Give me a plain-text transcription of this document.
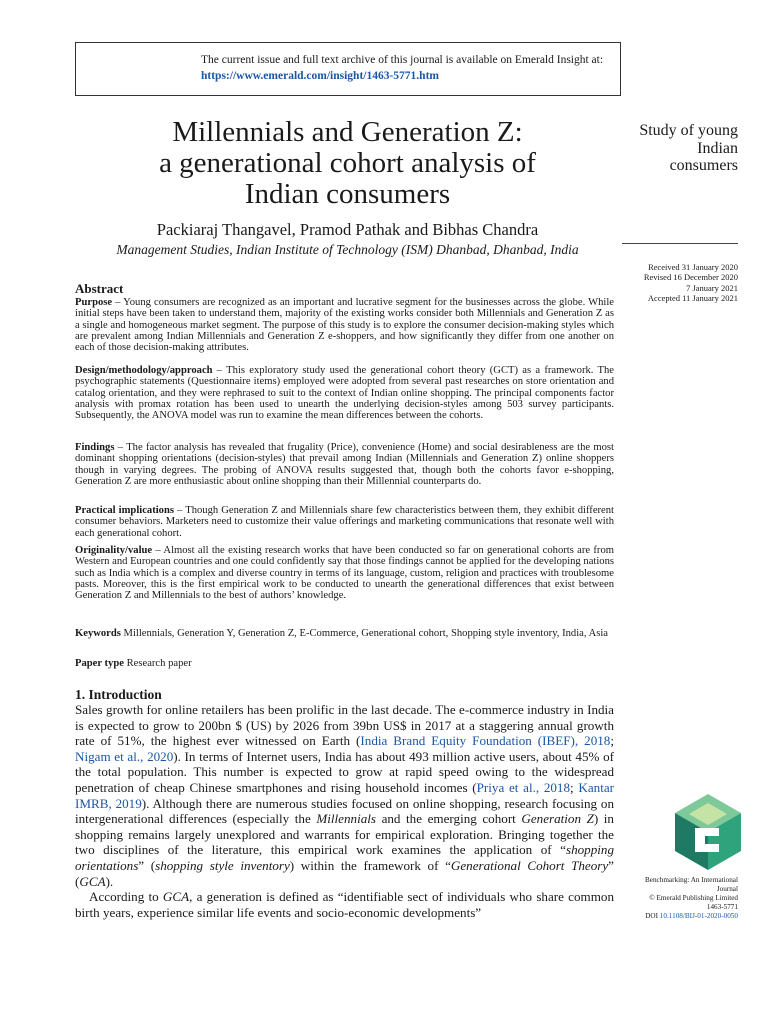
The current issue and full text archive of this journal is available on Emerald Insight at:
https://www.emerald.com/insight/1463-5771.htm
Millennials and Generation Z:
a generational cohort analysis of
Indian consumers
Packiaraj Thangavel, Pramod Pathak and Bibhas Chandra
Management Studies, Indian Institute of Technology (ISM) Dhanbad, Dhanbad, India
Study of young
Indian
consumers
Received 31 January 2020
Revised 16 December 2020
7 January 2021
Accepted 11 January 2021
Abstract
Purpose – Young consumers are recognized as an important and lucrative segment for the businesses across the globe. While initial steps have been taken to understand them, majority of the existing works consider both Millennials and Generation Z as a single and homogeneous market segment. The purpose of this study is to explore the consumer decision-making styles which are prevalent among Indian Millennials and Generation Z e-shoppers, and how significantly they differ from one another on each of those decision-making attributes.
Design/methodology/approach – This exploratory study used the generational cohort theory (GCT) as a framework. The psychographic statements (Questionnaire items) employed were adopted from several past researches on store orientation and catalog orientation, and they were rephrased to suit to the context of Indian online shopping. The principal components factor analysis with promax rotation has been used to unearth the underlying decision-styles among 503 survey participants. Subsequently, the ANOVA model was run to examine the mean differences between the cohorts.
Findings – The factor analysis has revealed that frugality (Price), convenience (Home) and social desirableness are the most dominant shopping orientations (decision-styles) that prevail among Indian (Millennials and Generation Z) online shoppers though in varying degrees. The probing of ANOVA results suggested that, though both the cohorts favor e-shopping, Generation Z are more enthusiastic about online shopping than their Millennial counterparts do.
Practical implications – Though Generation Z and Millennials share few characteristics between them, they exhibit different consumer behaviors. Marketers need to customize their value offerings and marketing communications that resonate well with each generational cohort.
Originality/value – Almost all the existing research works that have been conducted so far on generational cohorts are from Western and European countries and one could confidently say that those findings cannot be applied for the developing nations such as India which is a complex and diverse country in terms of its language, custom, religion and practices with troublesome pasts. Moreover, this is the first empirical work to be conducted to unearth the generational differences that exist between Generation Z and Millennials to the best of authors’ knowledge.
Keywords Millennials, Generation Y, Generation Z, E-Commerce, Generational cohort, Shopping style inventory, India, Asia
Paper type Research paper
1. Introduction
Sales growth for online retailers has been prolific in the last decade. The e-commerce industry in India is expected to grow to 200bn $ (US) by 2026 from 39bn US$ in 2017 at a staggering annual growth rate of 51%, the highest ever witnessed on Earth (India Brand Equity Foundation (IBEF), 2018; Nigam et al., 2020). In terms of Internet users, India has about 493 million active users, about 45% of the total population. This number is expected to grow at rapid speed owing to the widespread penetration of cheap Chinese smartphones and rising household incomes (Priya et al., 2018; Kantar IMRB, 2019). Although there are numerous studies focused on online shopping, research focusing on intergenerational differences (especially the Millennials and the emerging cohort Generation Z) in shopping remains largely unexplored and warrants for empirical exploration. Bringing together the two disciplines of the literature, this empirical work examines the application of “shopping orientations” (shopping style inventory) within the framework of “Generational Cohort Theory” (GCA).
According to GCA, a generation is defined as “identifiable sect of individuals who share common birth years, experience similar life events and socio-economic developments”
Benchmarking: An International
Journal
© Emerald Publishing Limited
1463-5771
DOI 10.1108/BIJ-01-2020-0050
